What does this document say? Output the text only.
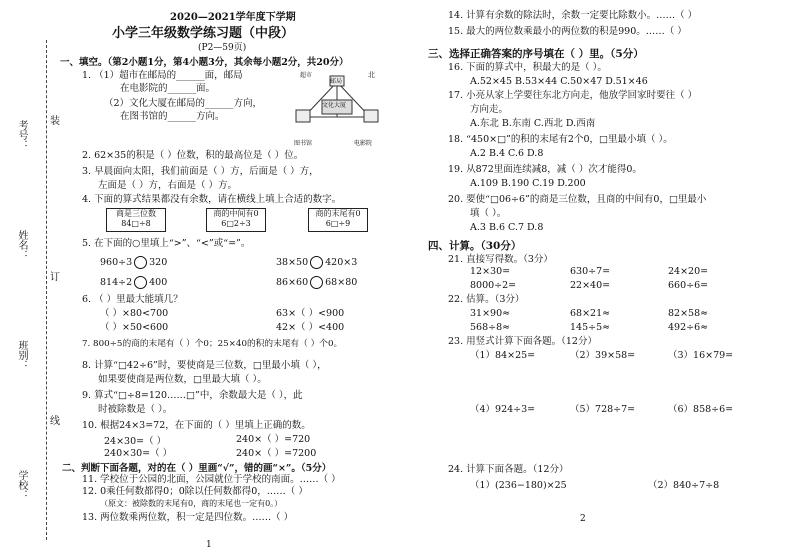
考号：
姓名：
班别：
学校：
装
订
线
2020—2021学年度下学期
小学三年级数学练习题（中段）
(P2—59页)
一、填空。（第2小题1分，第4小题3分，其余每小题2分，共20分）
1. （1）超市在邮局的______面，邮局
在电影院的______面。
（2）文化大厦在邮局的______方向，
在图书馆的______方向。
北
文化大厦
邮局
图书馆	电影院
超市
2. 62×35的积是（ ）位数，积的最高位是（ ）位。
3. 早晨面向太阳，我们前面是（ ）方，后面是（ ）方，
左面是（ ）方，右面是（ ）方。
4. 下面的算式结果都没有余数，请在横线上填上合适的数字。
商是三位数
84□÷8
商的中间有0
6□2÷3
商的末尾有0
6□÷9
5. 在下面的○里填上“>”、“<”或“=”。
960÷3 320	38×50 420×3
814÷2 400	86×60 68×80
6. （ ）里最大能填几？
（ ）×80<700	63×（ ）<900
（ ）×50<600	42×（ ）<400
7. 800÷5的商的末尾有（ ）个0；25×40的积的末尾有（ ）个0。
8. 计算“□42÷6”时，要使商是三位数，□里最小填（ ），
如果要使商是两位数，□里最大填（ ）。
9. 算式“□÷8=120……□”中，余数最大是（ ），此
时被除数是（ ）。
10. 根据24×3=72，在下面的（ ）里填上正确的数。
24×30=（ ）	240×（ ）=720
240×30=（ ）	240×（ ）=7200
二、判断下面各题，对的在（ ）里画“√”，错的画“×”。（5分）
11. 学校位于公园的北面，公园就位于学校的南面。……（ ）
12. 0乘任何数都得0；0除以任何数都得0，……（ ）
（原文：被除数的末尾有0，商的末尾也一定有0。）
13. 两位数乘两位数，积一定是四位数。……（ ）
1
14. 计算有余数的除法时，余数一定要比除数小。……（ ）
15. 最大的两位数乘最小的两位数的积是990。……（ ）
三、选择正确答案的序号填在（ ）里。（5分）
16. 下面的算式中，积最大的是（ ）。
A.52×45 B.53×44 C.50×47 D.51×46
17. 小亮从家上学要往东北方向走，他放学回家时要往（ ）
方向走。
A.东北 B.东南 C.西北 D.西南
18. “450×□”的积的末尾有2个0，□里最小填（ ）。
A.2 B.4 C.6 D.8
19. 从872里面连续减8，减（ ）次才能得0。
A.109 B.190 C.19 D.200
20. 要使“□06÷6”的商是三位数，且商的中间有0，□里最小
填（ ）。
A.3 B.6 C.7 D.8
四、计算。（30分）
21. 直接写得数。（3分）
12×30=	630÷7=	24×20=
8000÷2=	22×40=	660÷6=
22. 估算。（3分）
31×90≈	68×21≈	82×58≈
568÷8≈	145÷5≈	492÷6≈
23. 用竖式计算下面各题。（12分）
（1）84×25=	（2）39×58=	（3）16×79=
（4）924÷3=	（5）728÷7=	（6）858÷6=
24. 计算下面各题。（12分）
（1）(236−180)×25	（2）840÷7÷8
2
